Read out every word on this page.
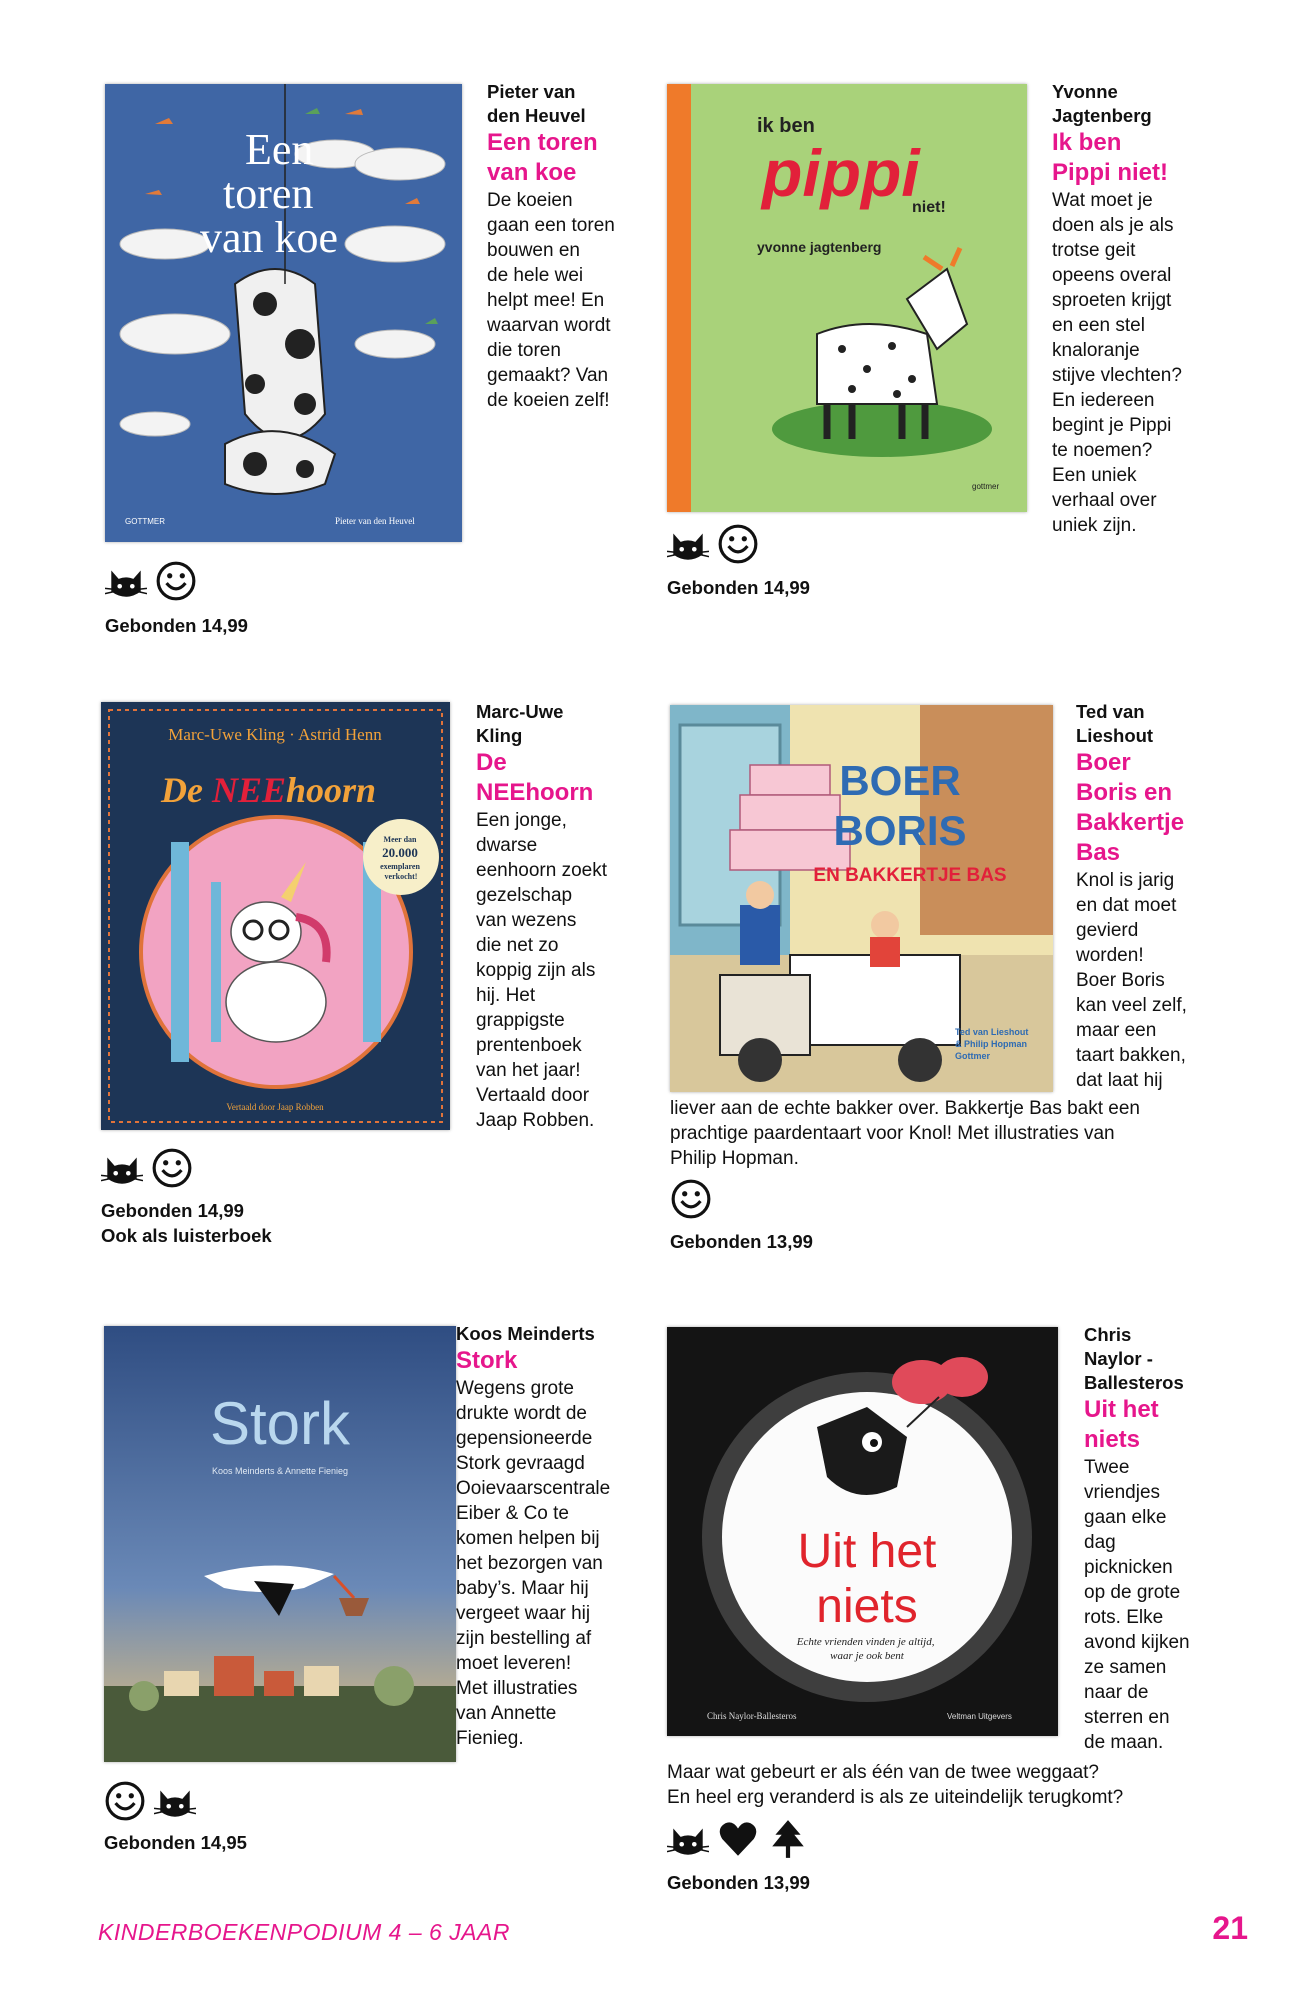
Een toren van koe
GOTTMER	Pieter van den Heuvel
Pieter van
den Heuvel
Een toren
van koe
De koeien
gaan een toren
bouwen en
de hele wei
helpt mee! En
waarvan wordt
die toren
gemaakt? Van
de koeien zelf!
Gebonden 14,99
ik ben
pippi
niet!
yvonne jagtenberg
gottmer
Yvonne
Jagtenberg
Ik ben
Pippi niet!
Wat moet je
doen als je als
trotse geit
opeens overal
sproeten krijgt
en een stel
knaloranje
stijve vlechten?
En iedereen
begint je Pippi
te noemen?
Een uniek
verhaal over
uniek zijn.
Gebonden 14,99
Marc-Uwe Kling · Astrid Henn
De NEEhoorn
Meer dan 20.000 exemplaren verkocht!
Vertaald door Jaap Robben
Marc-Uwe
Kling
De
NEEhoorn
Een jonge,
dwarse
eenhoorn zoekt
gezelschap
van wezens
die net zo
koppig zijn als
hij. Het
grappigste
prentenboek
van het jaar!
Vertaald door
Jaap Robben.
Gebonden 14,99
Ook als luisterboek
BOER
BORIS
EN BAKKERTJE BAS
Ted van Lieshout & Philip Hopman Gottmer
Ted van
Lieshout
Boer
Boris en
Bakkertje
Bas
Knol is jarig
en dat moet
gevierd
worden!
Boer Boris
kan veel zelf,
maar een
taart bakken,
dat laat hij
liever aan de echte bakker over. Bakkertje Bas bakt een
prachtige paardentaart voor Knol! Met illustraties van
Philip Hopman.
Gebonden 13,99
Stork
Koos Meinderts & Annette Fienieg
Koos Meinderts
Stork
Wegens grote
drukte wordt de
gepensioneerde
Stork gevraagd
Ooievaarscentrale
Eiber & Co te
komen helpen bij
het bezorgen van
baby’s. Maar hij
vergeet waar hij
zijn bestelling af
moet leveren!
Met illustraties
van Annette
Fienieg.
Gebonden 14,95
Uit het
niets
Echte vrienden vinden je altijd, waar je ook bent
Chris Naylor-Ballesteros	Veltman Uitgevers
Chris
Naylor -
Ballesteros
Uit het
niets
Twee
vriendjes
gaan elke
dag
picknicken
op de grote
rots. Elke
avond kijken
ze samen
naar de
sterren en
de maan.
Maar wat gebeurt er als één van de twee weggaat?
En heel erg veranderd is als ze uiteindelijk terugkomt?
Gebonden 13,99
KINDERBOEKENPODIUM 4 – 6 JAAR	21
